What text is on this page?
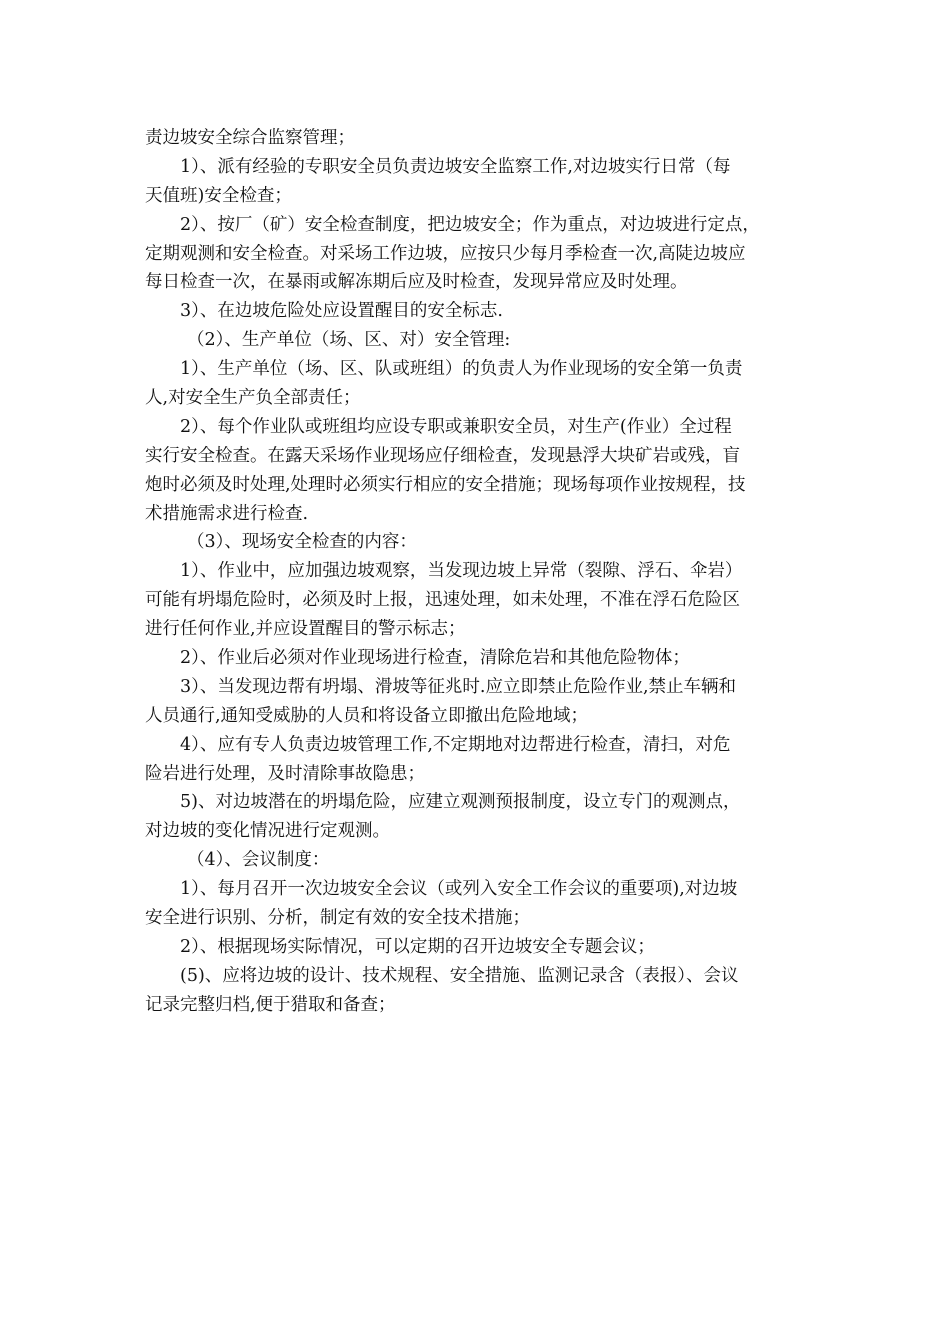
责边坡安全综合监察管理；
1）、派有经验的专职安全员负责边坡安全监察工作,对边坡实行日常（每
天值班)安全检查；
2）、按厂（矿）安全检查制度，把边坡安全；作为重点，对边坡进行定点，
定期观测和安全检查。对采场工作边坡，应按只少每月季检查一次,高陡边坡应
每日检查一次，在暴雨或解冻期后应及时检查，发现异常应及时处理。
3）、在边坡危险处应设置醒目的安全标志.
（2）、生产单位（场、区、对）安全管理:
1）、生产单位（场、区、队或班组）的负责人为作业现场的安全第一负责
人,对安全生产负全部责任；
2）、每个作业队或班组均应设专职或兼职安全员，对生产(作业）全过程
实行安全检查。在露天采场作业现场应仔细检查，发现悬浮大块矿岩或残，盲
炮时必须及时处理,处理时必须实行相应的安全措施；现场每项作业按规程，技
术措施需求进行检查.
（3）、现场安全检查的内容：
1）、作业中，应加强边坡观察，当发现边坡上异常（裂隙、浮石、伞岩）
可能有坍塌危险时，必须及时上报，迅速处理，如未处理，不准在浮石危险区
进行任何作业,并应设置醒目的警示标志；
2）、作业后必须对作业现场进行检查，清除危岩和其他危险物体；
3）、当发现边帮有坍塌、滑坡等征兆时.应立即禁止危险作业,禁止车辆和
人员通行,通知受威胁的人员和将设备立即撤出危险地域；
4）、应有专人负责边坡管理工作,不定期地对边帮进行检查，清扫，对危
险岩进行处理，及时清除事故隐患；
5)、对边坡潜在的坍塌危险，应建立观测预报制度，设立专门的观测点，
对边坡的变化情况进行定观测。
（4）、会议制度：
1）、每月召开一次边坡安全会议（或列入安全工作会议的重要项),对边坡
安全进行识别、分析，制定有效的安全技术措施；
2）、根据现场实际情况，可以定期的召开边坡安全专题会议；
(5)、应将边坡的设计、技术规程、安全措施、监测记录含（表报）、会议
记录完整归档,便于猎取和备查；
